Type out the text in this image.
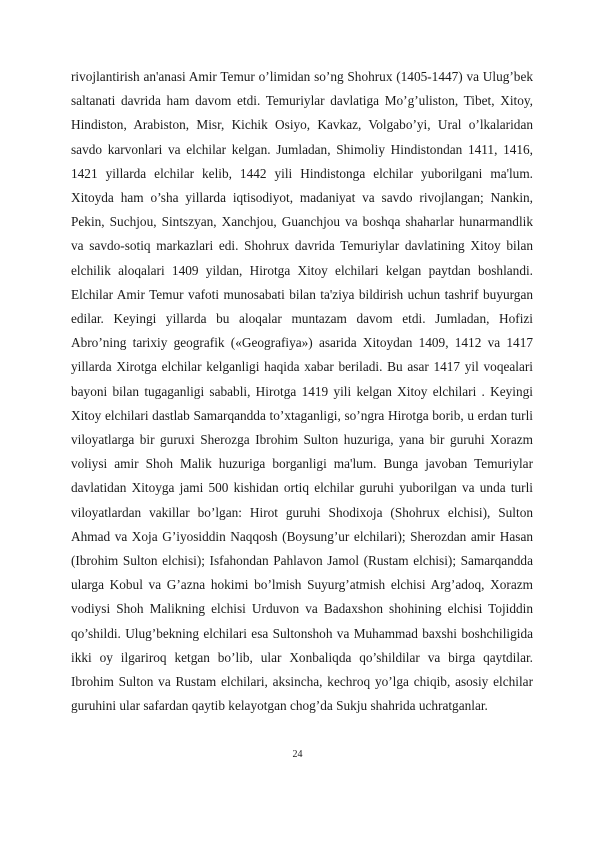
rivojlantirish an'anasi Amir Temur o’limidan so’ng Shohrux (1405-1447) va Ulug’bek saltanati davrida ham davom etdi. Temuriylar davlatiga Mo’g’uliston, Tibet, Xitoy, Hindiston, Arabiston, Misr, Kichik Osiyo, Kavkaz, Volgabo’yi, Ural o’lkalaridan savdo karvonlari va elchilar kelgan. Jumladan, Shimoliy Hindistondan 1411, 1416, 1421 yillarda elchilar kelib, 1442 yili Hindistonga elchilar yuborilgani ma'lum. Xitoyda ham o’sha yillarda iqtisodiyot, madaniyat va savdo rivojlangan; Nankin, Pekin, Suchjou, Sintszyan, Xanchjou, Guanchjou va boshqa shaharlar hunarmandlik va savdo-sotiq markazlari edi. Shohrux davrida Temuriylar davlatining Xitoy bilan elchilik aloqalari 1409 yildan, Hirotga Xitoy elchilari kelgan paytdan boshlandi. Elchilar Amir Temur vafoti munosabati bilan ta'ziya bildirish uchun tashrif buyurgan edilar. Keyingi yillarda bu aloqalar muntazam davom etdi. Jumladan, Hofizi Abro’ning tarixiy geografik («Geografiya») asarida Xitoydan 1409, 1412 va 1417 yillarda Xirotga elchilar kelganligi haqida xabar beriladi. Bu asar 1417 yil voqealari bayoni bilan tugaganligi sababli, Hirotga 1419 yili kelgan Xitoy elchilari . Keyingi Xitoy elchilari dastlab Samarqandda to’xtaganligi, so’ngra Hirotga borib, u erdan turli viloyatlarga bir guruxi Sherozga Ibrohim Sulton huzuriga, yana bir guruhi Xorazm voliysi amir Shoh Malik huzuriga borganligi ma'lum. Bunga javoban Temuriylar davlatidan Xitoyga jami 500 kishidan ortiq elchilar guruhi yuborilgan va unda turli viloyatlardan vakillar bo’lgan: Hirot guruhi Shodixoja (Shohrux elchisi), Sulton Ahmad va Xoja G’iyosiddin Naqqosh (Boysung’ur elchilari); Sherozdan amir Hasan (Ibrohim Sulton elchisi); Isfahondan Pahlavon Jamol (Rustam elchisi); Samarqandda ularga Kobul va G’azna hokimi bo’lmish Suyurg’atmish elchisi Arg’adoq, Xorazm vodiysi Shoh Malikning elchisi Urduvon va Badaxshon shohining elchisi Tojiddin qo’shildi. Ulug’bekning elchilari esa Sultonshoh va Muhammad baxshi boshchiligida ikki oy ilgariroq ketgan bo’lib, ular Xonbaliqda qo’shildilar va birga qaytdilar. Ibrohim Sulton va Rustam elchilari, aksincha, kechroq yo’lga chiqib, asosiy elchilar guruhini ular safardan qaytib kelayotgan chog’da Sukju shahrida uchratganlar.

24
